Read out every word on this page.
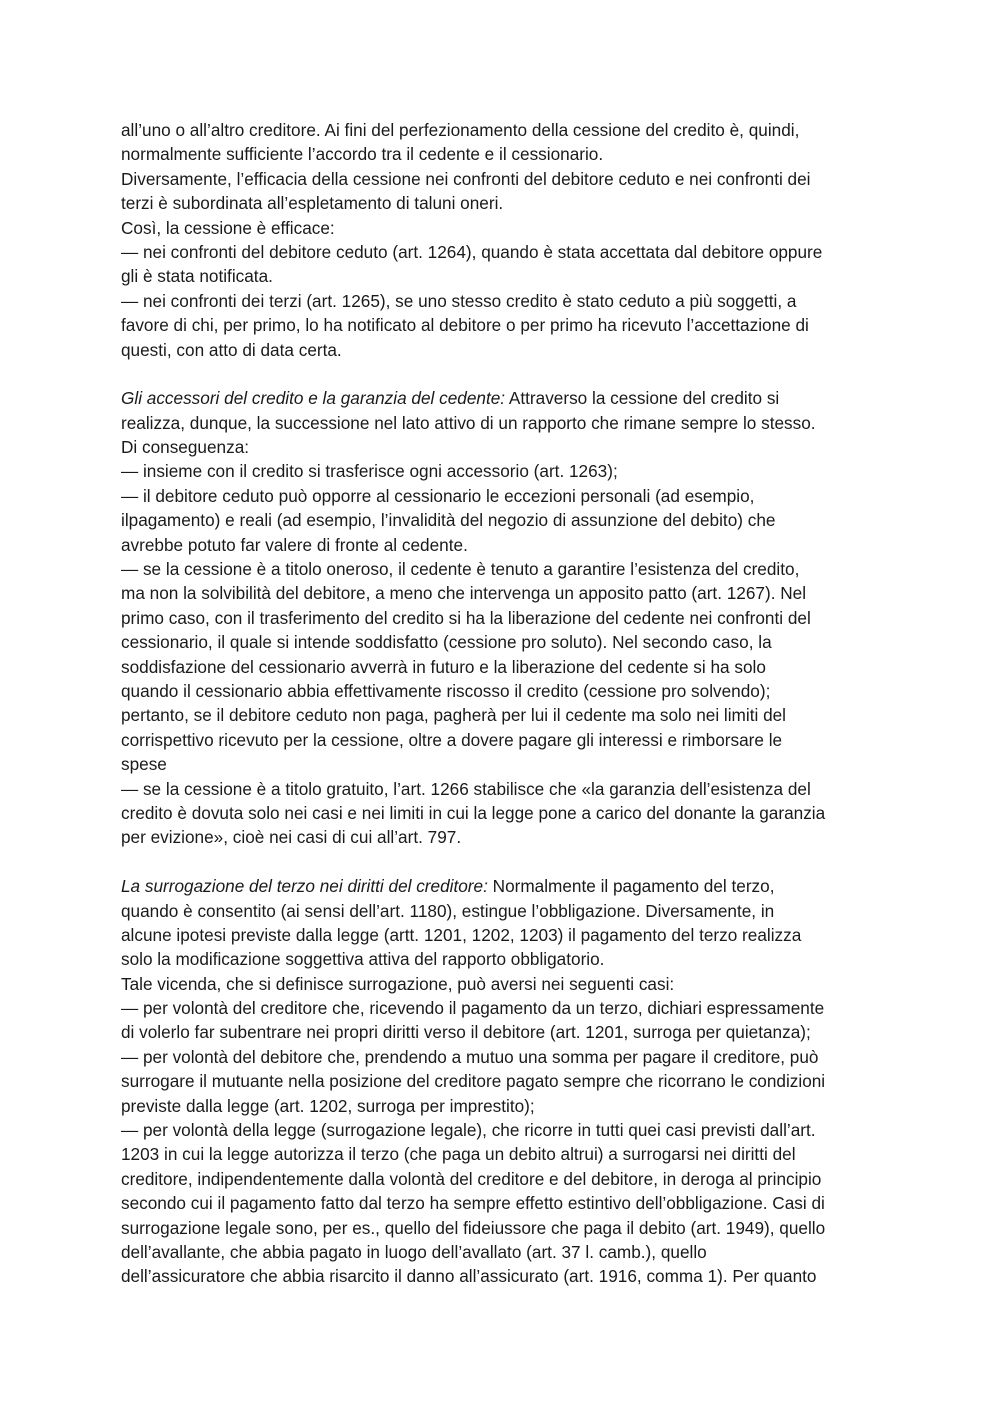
all’uno o all’altro creditore. Ai fini del perfezionamento della cessione del credito è, quindi,
normalmente sufficiente l’accordo tra il cedente e il cessionario.
Diversamente, l’efficacia della cessione nei confronti del debitore ceduto e nei confronti dei
terzi è subordinata all’espletamento di taluni oneri.
Così, la cessione è efficace:
— nei confronti del debitore ceduto (art. 1264), quando è stata accettata dal debitore oppure
gli è stata notificata.
— nei confronti dei terzi (art. 1265), se uno stesso credito è stato ceduto a più soggetti, a
favore di chi, per primo, lo ha notificato al debitore o per primo ha ricevuto l’accettazione di
questi, con atto di data certa.
Gli accessori del credito e la garanzia del cedente: Attraverso la cessione del credito si
realizza, dunque, la successione nel lato attivo di un rapporto che rimane sempre lo stesso.
Di conseguenza:
— insieme con il credito si trasferisce ogni accessorio (art. 1263);
— il debitore ceduto può opporre al cessionario le eccezioni personali (ad esempio,
ilpagamento) e reali (ad esempio, l’invalidità del negozio di assunzione del debito) che
avrebbe potuto far valere di fronte al cedente.
— se la cessione è a titolo oneroso, il cedente è tenuto a garantire l’esistenza del credito,
ma non la solvibilità del debitore, a meno che intervenga un apposito patto (art. 1267). Nel
primo caso, con il trasferimento del credito si ha la liberazione del cedente nei confronti del
cessionario, il quale si intende soddisfatto (cessione pro soluto). Nel secondo caso, la
soddisfazione del cessionario avverrà in futuro e la liberazione del cedente si ha solo
quando il cessionario abbia effettivamente riscosso il credito (cessione pro solvendo);
pertanto, se il debitore ceduto non paga, pagherà per lui il cedente ma solo nei limiti del
corrispettivo ricevuto per la cessione, oltre a dovere pagare gli interessi e rimborsare le
spese
— se la cessione è a titolo gratuito, l’art. 1266 stabilisce che «la garanzia dell’esistenza del
credito è dovuta solo nei casi e nei limiti in cui la legge pone a carico del donante la garanzia
per evizione», cioè nei casi di cui all’art. 797.
La surrogazione del terzo nei diritti del creditore: Normalmente il pagamento del terzo,
quando è consentito (ai sensi dell’art. 1180), estingue l’obbligazione. Diversamente, in
alcune ipotesi previste dalla legge (artt. 1201, 1202, 1203) il pagamento del terzo realizza
solo la modificazione soggettiva attiva del rapporto obbligatorio.
Tale vicenda, che si definisce surrogazione, può aversi nei seguenti casi:
— per volontà del creditore che, ricevendo il pagamento da un terzo, dichiari espressamente
di volerlo far subentrare nei propri diritti verso il debitore (art. 1201, surroga per quietanza);
— per volontà del debitore che, prendendo a mutuo una somma per pagare il creditore, può
surrogare il mutuante nella posizione del creditore pagato sempre che ricorrano le condizioni
previste dalla legge (art. 1202, surroga per imprestito);
— per volontà della legge (surrogazione legale), che ricorre in tutti quei casi previsti dall’art.
1203 in cui la legge autorizza il terzo (che paga un debito altrui) a surrogarsi nei diritti del
creditore, indipendentemente dalla volontà del creditore e del debitore, in deroga al principio
secondo cui il pagamento fatto dal terzo ha sempre effetto estintivo dell’obbligazione. Casi di
surrogazione legale sono, per es., quello del fideiussore che paga il debito (art. 1949), quello
dell’avallante, che abbia pagato in luogo dell’avallato (art. 37 l. camb.), quello
dell’assicuratore che abbia risarcito il danno all’assicurato (art. 1916, comma 1). Per quanto
